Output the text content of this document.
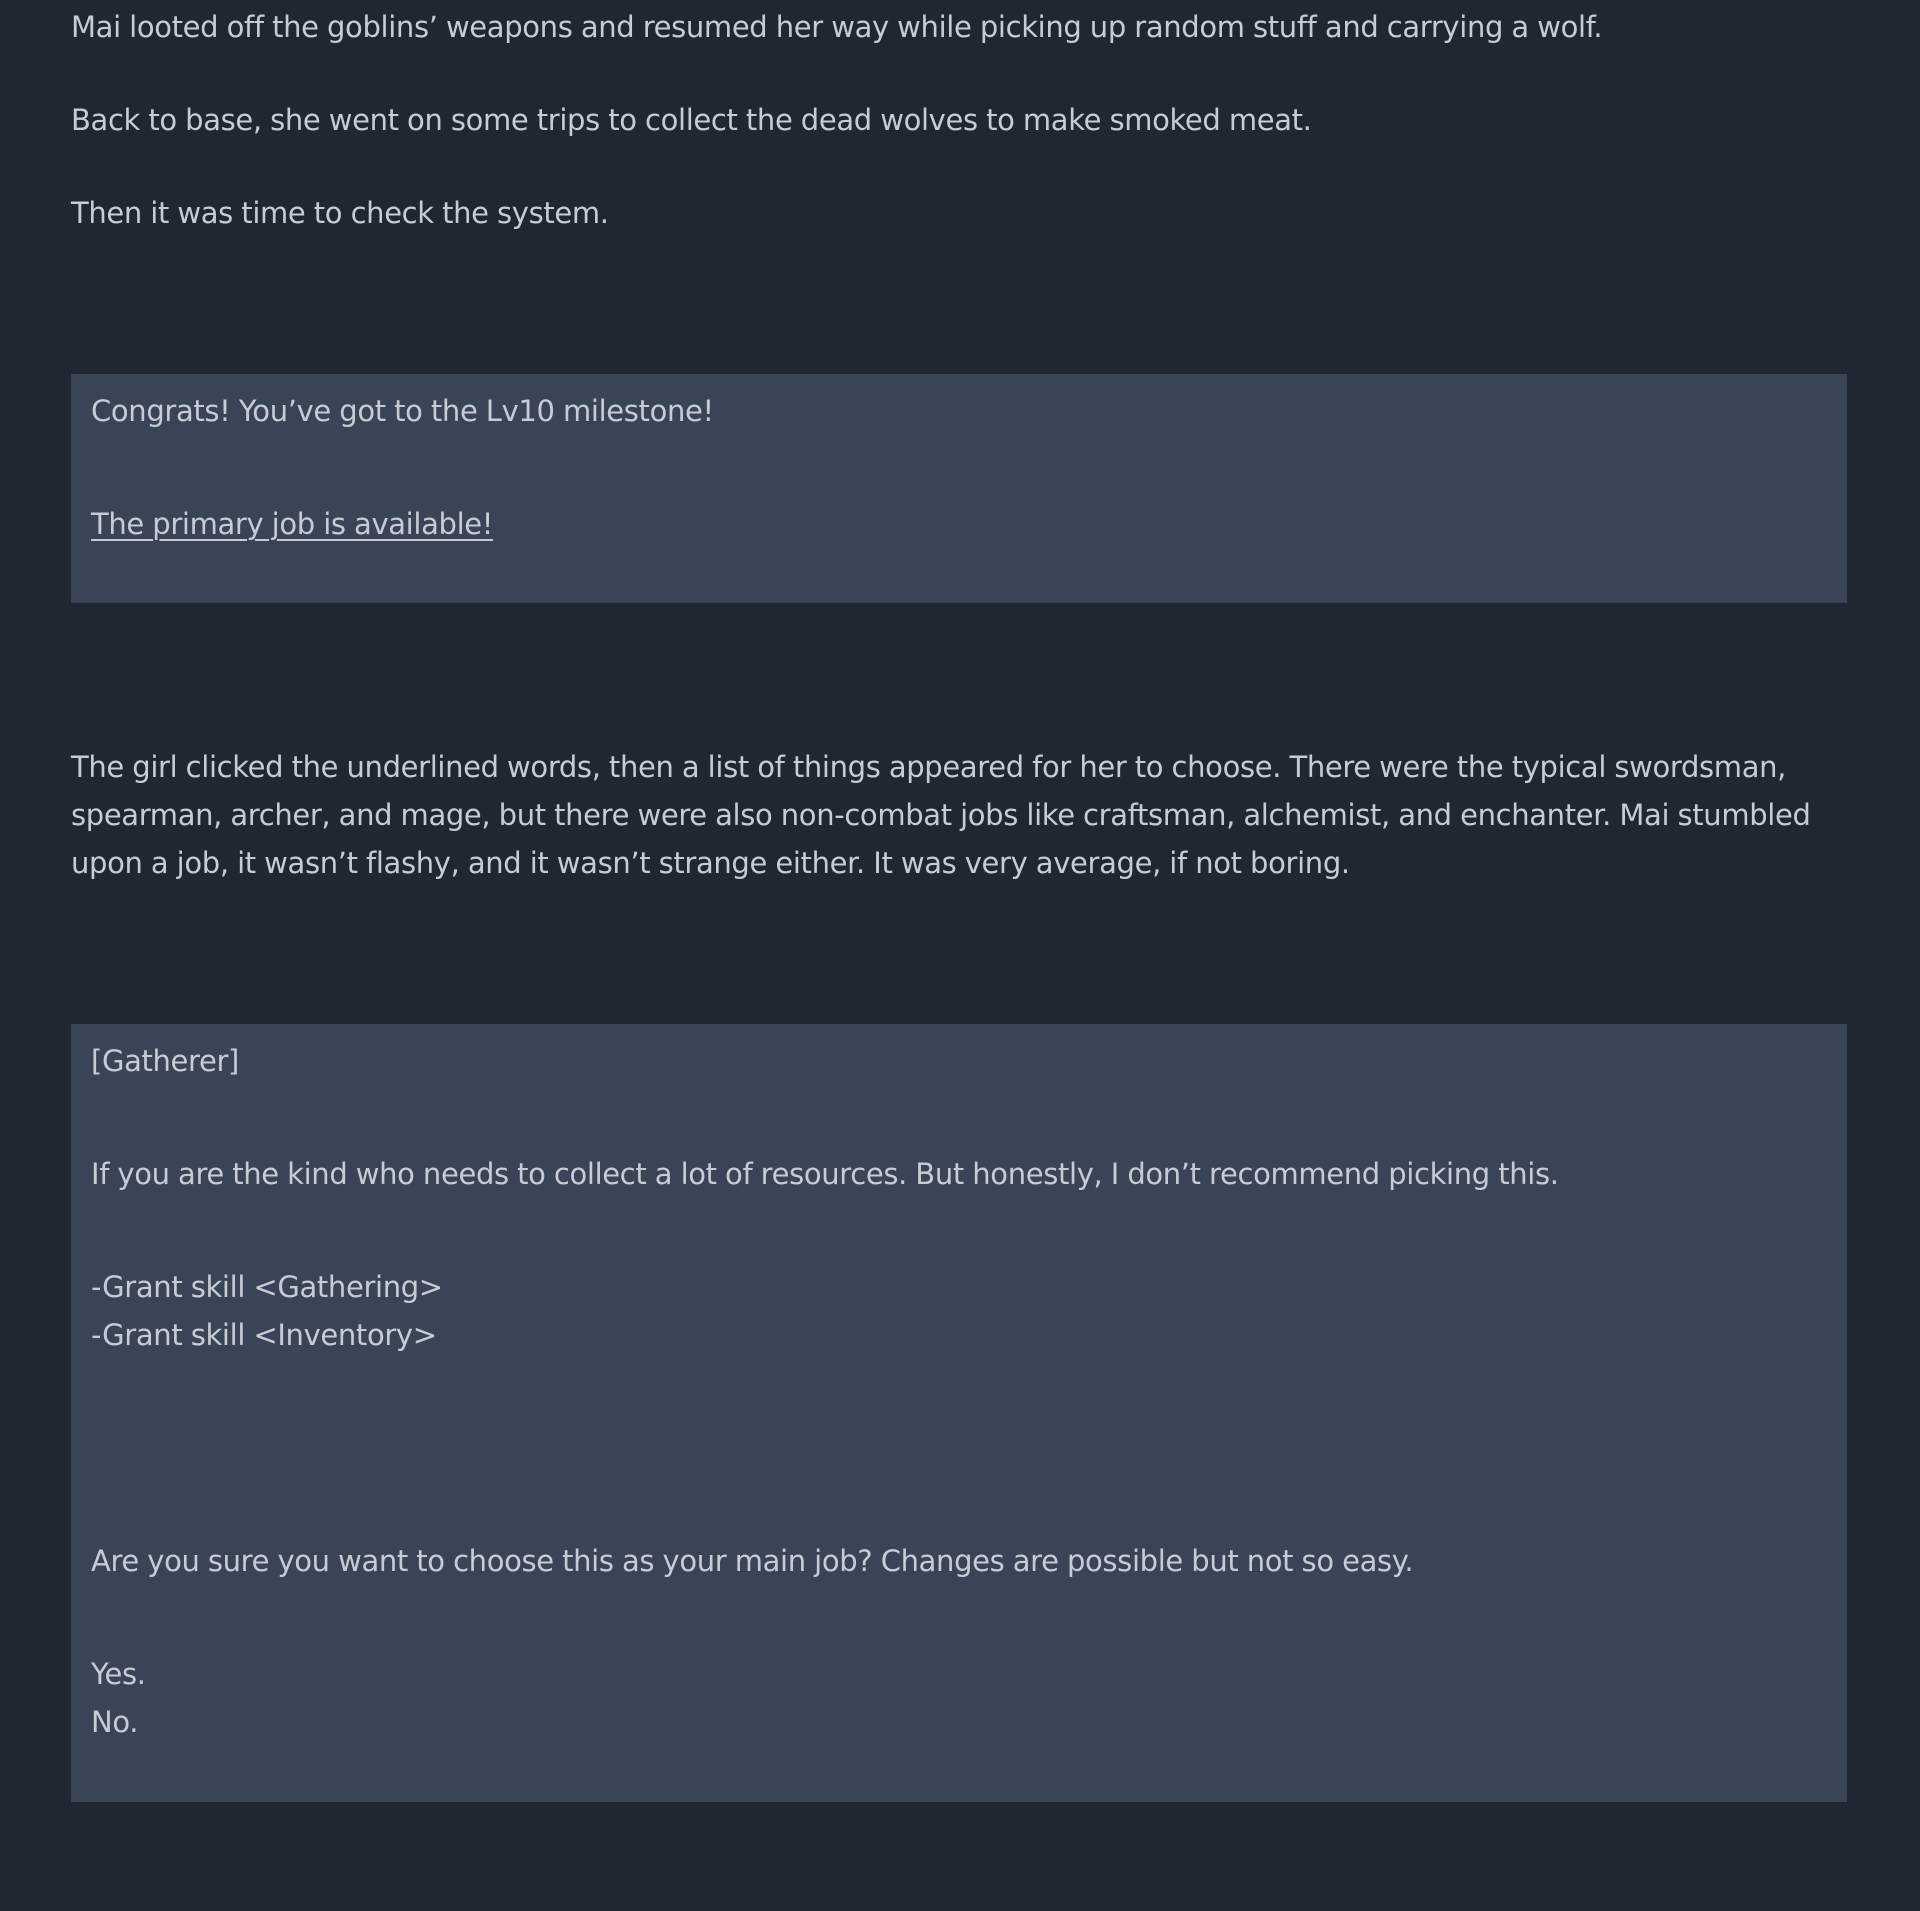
Mai looted off the goblins’ weapons and resumed her way while picking up random stuff and carrying a wolf.

Back to base, she went on some trips to collect the dead wolves to make smoked meat.

Then it was time to check the system.

The girl clicked the underlined words, then a list of things appeared for her to choose. There were the typical swordsman,

spearman, archer, and mage, but there were also non-combat jobs like craftsman, alchemist, and enchanter. Mai stumbled

upon a job, it wasn’t flashy, and it wasn’t strange either. It was very average, if not boring.

Congrats! You’ve got to the Lv10 milestone!

The primary job is available!

[Gatherer]

If you are the kind who needs to collect a lot of resources. But honestly, I don’t recommend picking this.

-Grant skill <Gathering>

-Grant skill <Inventory>

Are you sure you want to choose this as your main job? Changes are possible but not so easy.

Yes.

No.
